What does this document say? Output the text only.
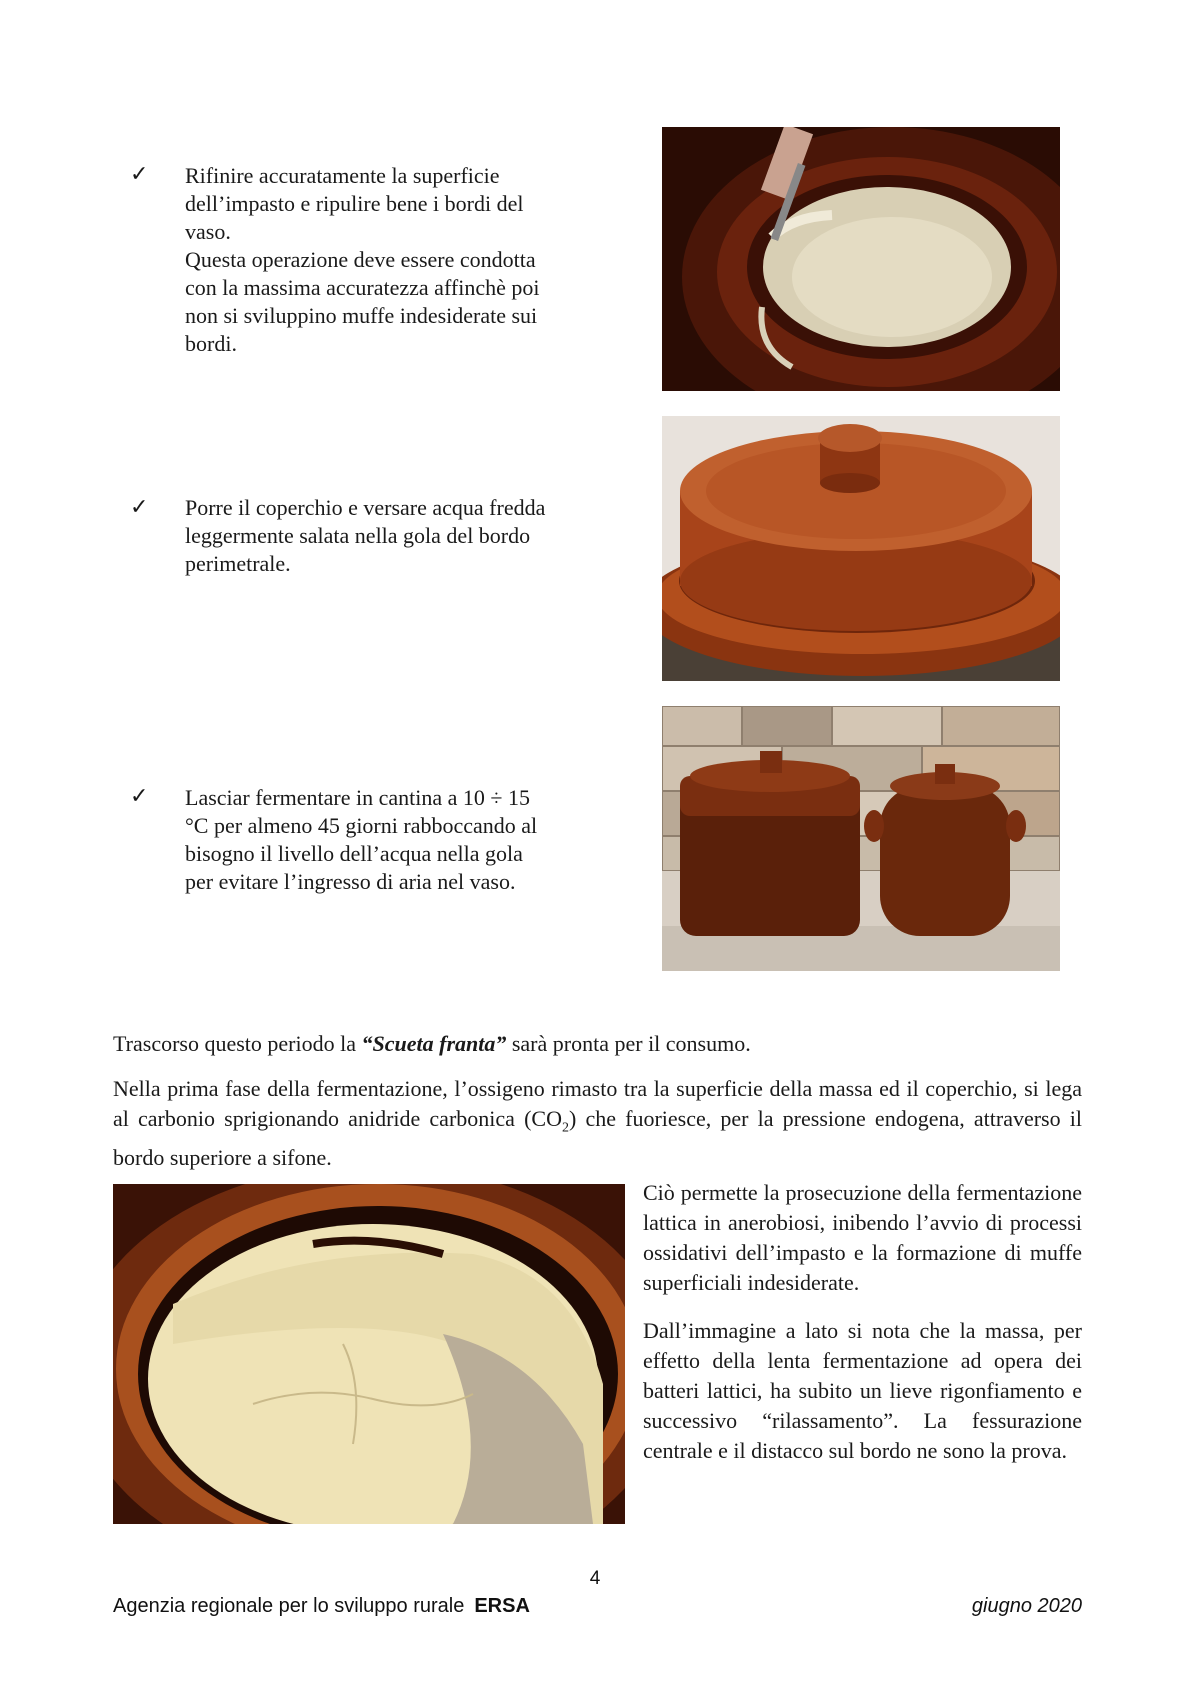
✓ Rifinire accuratamente la superficie
dell’impasto e ripulire bene i bordi del
vaso.
Questa operazione deve essere condotta
con la massima accuratezza affinchè poi
non si sviluppino muffe indesiderate sui
bordi.
✓ Porre il coperchio e versare acqua fredda
leggermente salata nella gola del bordo
perimetrale.
✓ Lasciar fermentare in cantina a 10 ÷ 15
°C per almeno 45 giorni rabboccando al
bisogno il livello dell’acqua nella gola
per evitare l’ingresso di aria nel vaso.
Trascorso questo periodo la “Scueta franta” sarà pronta per il consumo.
Nella prima fase della fermentazione, l’ossigeno rimasto tra la superficie della massa ed il coperchio, si lega al carbonio sprigionando anidride carbonica $(CO_2)$ che fuoriesce, per la pressione endogena, attraverso il bordo superiore a sifone.
Ciò permette la prosecuzione della fermentazione lattica in anerobiosi, inibendo l’avvio di processi ossidativi dell’impasto e la formazione di muffe superficiali indesiderate.
Dall’immagine a lato si nota che la massa, per effetto della lenta fermentazione ad opera dei batteri lattici, ha subito un lieve rigonfiamento e successivo “rilassamento”. La fessurazione centrale e il distacco sul bordo ne sono la prova.
4
Agenzia regionale per lo sviluppo rurale ERSA	giugno 2020
